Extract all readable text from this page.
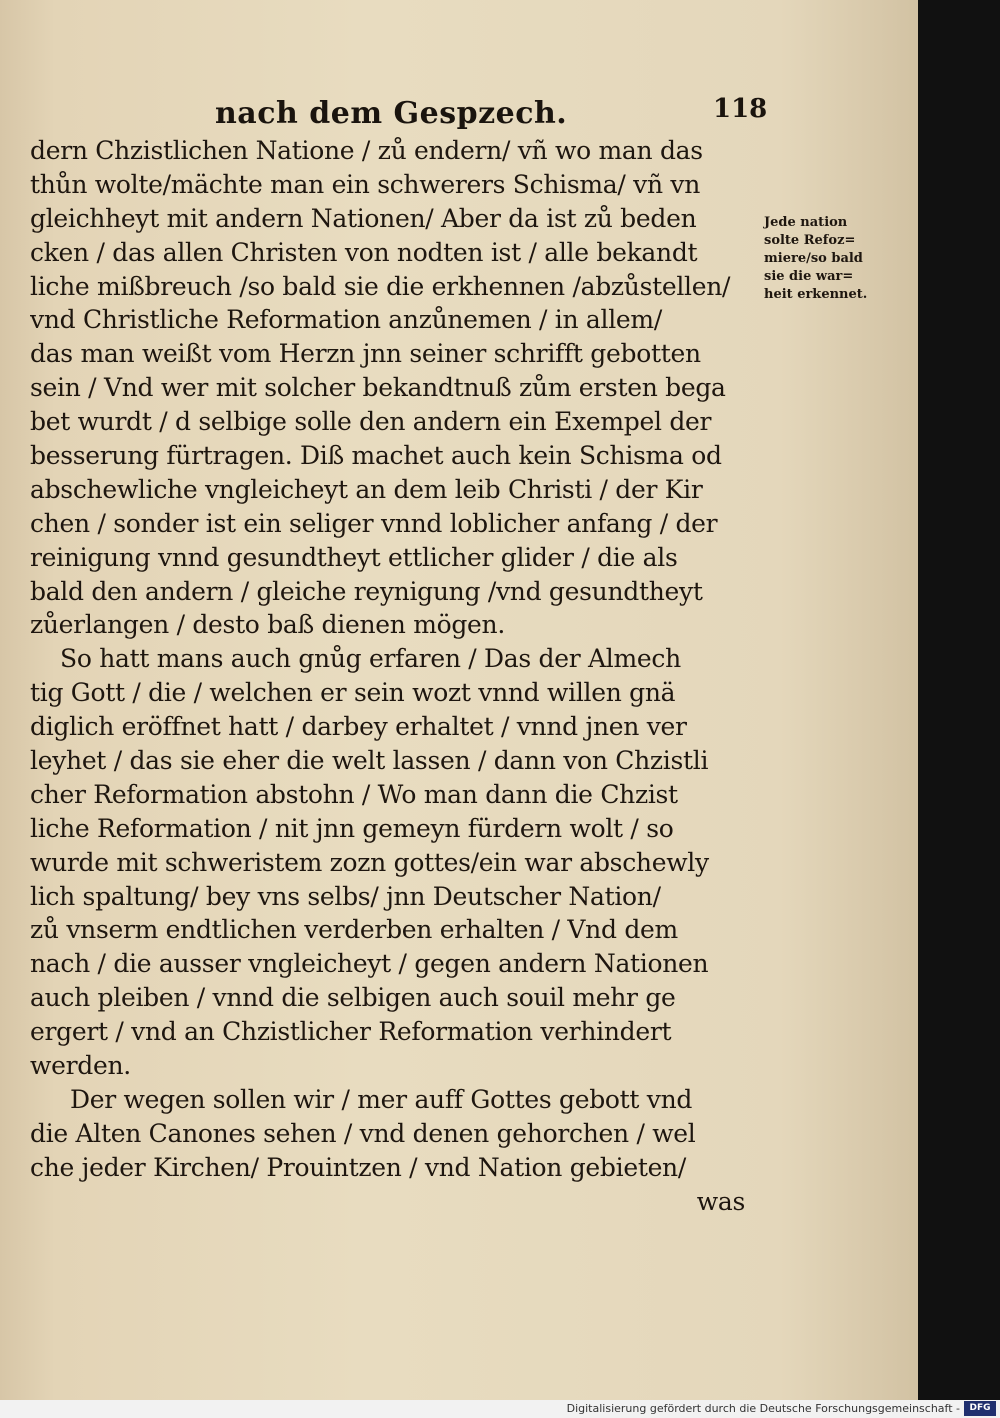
nach dem Gespzech.	118
dern Chzistlichen Natione / zů endern/ vñ wo man das
thůn wolte/mächte man ein schwerers Schisma/ vñ vn
gleichheyt mit andern Nationen/ Aber da ist zů beden
cken / das allen Christen von nodten ist / alle bekandt
liche mißbreuch /so bald sie die erkhennen /abzůstellen/
vnd Christliche Reformation anzůnemen / in allem/
das man weißt vom Herzn jnn seiner schrifft gebotten
sein / Vnd wer mit solcher bekandtnuß zům ersten bega
bet wurdt / d selbige solle den andern ein Exempel der
besserung fürtragen. Diß machet auch kein Schisma od
abschewliche vngleicheyt an dem leib Christi / der Kir
chen / sonder ist ein seliger vnnd loblicher anfang / der
reinigung vnnd gesundtheyt ettlicher glider / die als
bald den andern / gleiche reynigung /vnd gesundtheyt
zůerlangen / desto baß dienen mögen.
So hatt mans auch gnůg erfaren / Das der Almech
tig Gott / die / welchen er sein wozt vnnd willen gnä
diglich eröffnet hatt / darbey erhaltet / vnnd jnen ver
leyhet / das sie eher die welt lassen / dann von Chzistli
cher Reformation abstohn / Wo man dann die Chzist
liche Reformation / nit jnn gemeyn fürdern wolt / so
wurde mit schweristem zozn gottes/ein war abschewly
lich spaltung/ bey vns selbs/ jnn Deutscher Nation/
zů vnserm endtlichen verderben erhalten / Vnd dem
nach / die ausser vngleicheyt / gegen andern Nationen
auch pleiben / vnnd die selbigen auch souil mehr ge
ergert / vnd an Chzistlicher Reformation verhindert
werden.
Der wegen sollen wir / mer auff Gottes gebott vnd
die Alten Canones sehen / vnd denen gehorchen / wel
che jeder Kirchen/ Prouintzen / vnd Nation gebieten/
was
Jede nation
solte Refoz=
miere/so bald
sie die war=
heit erkennet.
Digitalisierung gefördert durch die Deutsche Forschungsgemeinschaft -	DFG
